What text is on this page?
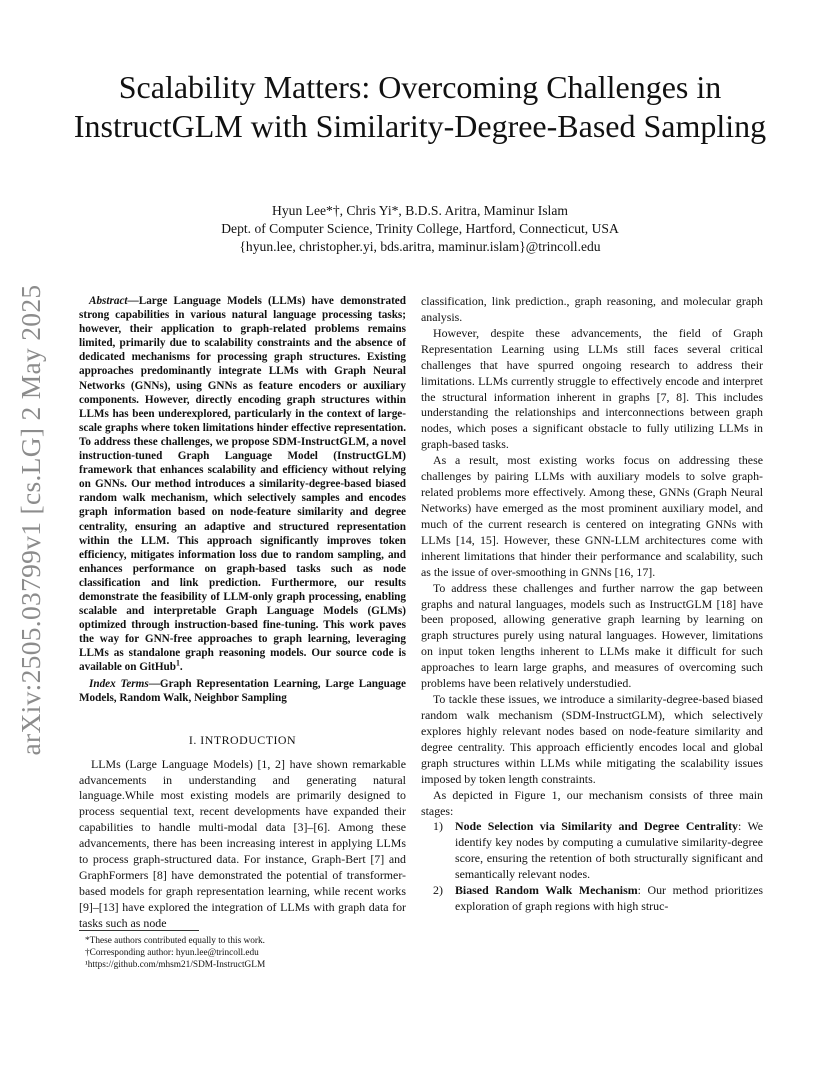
arXiv:2505.03799v1 [cs.LG] 2 May 2025
Scalability Matters: Overcoming Challenges in InstructGLM with Similarity-Degree-Based Sampling
Hyun Lee*†, Chris Yi*, B.D.S. Aritra, Maminur Islam
Dept. of Computer Science, Trinity College, Hartford, Connecticut, USA
{hyun.lee, christopher.yi, bds.aritra, maminur.islam}@trincoll.edu

Abstract—Large Language Models (LLMs) have demonstrated strong capabilities in various natural language processing tasks; however, their application to graph-related problems remains limited, primarily due to scalability constraints and the absence of dedicated mechanisms for processing graph structures. Existing approaches predominantly integrate LLMs with Graph Neural Networks (GNNs), using GNNs as feature encoders or auxiliary components. However, directly encoding graph structures within LLMs has been underexplored, particularly in the context of large-scale graphs where token limitations hinder effective representation. To address these challenges, we propose SDM-InstructGLM, a novel instruction-tuned Graph Language Model (InstructGLM) framework that enhances scalability and efficiency without relying on GNNs. Our method introduces a similarity-degree-based biased random walk mechanism, which selectively samples and encodes graph information based on node-feature similarity and degree centrality, ensuring an adaptive and structured representation within the LLM. This approach significantly improves token efficiency, mitigates information loss due to random sampling, and enhances performance on graph-based tasks such as node classification and link prediction. Furthermore, our results demonstrate the feasibility of LLM-only graph processing, enabling scalable and interpretable Graph Language Models (GLMs) optimized through instruction-based fine-tuning. This work paves the way for GNN-free approaches to graph learning, leveraging LLMs as standalone graph reasoning models. Our source code is available on GitHub$^1$.

Index Terms—Graph Representation Learning, Large Language Models, Random Walk, Neighbor Sampling

I. INTRODUCTION

LLMs (Large Language Models) [1, 2] have shown remarkable advancements in understanding and generating natural language.While most existing models are primarily designed to process sequential text, recent developments have expanded their capabilities to handle multi-modal data [3]–[6]. Among these advancements, there has been increasing interest in applying LLMs to process graph-structured data. For instance, Graph-Bert [7] and GraphFormers [8] have demonstrated the potential of transformer-based models for graph representation learning, while recent works [9]–[13] have explored the integration of LLMs with graph data for tasks such as node

classification, link prediction., graph reasoning, and molecular graph analysis.

However, despite these advancements, the field of Graph Representation Learning using LLMs still faces several critical challenges that have spurred ongoing research to address their limitations. LLMs currently struggle to effectively encode and interpret the structural information inherent in graphs [7, 8]. This includes understanding the relationships and interconnections between graph nodes, which poses a significant obstacle to fully utilizing LLMs in graph-based tasks.

As a result, most existing works focus on addressing these challenges by pairing LLMs with auxiliary models to solve graph-related problems more effectively. Among these, GNNs (Graph Neural Networks) have emerged as the most prominent auxiliary model, and much of the current research is centered on integrating GNNs with LLMs [14, 15]. However, these GNN-LLM architectures come with inherent limitations that hinder their performance and scalability, such as the issue of over-smoothing in GNNs [16, 17].

To address these challenges and further narrow the gap between graphs and natural languages, models such as InstructGLM [18] have been proposed, allowing generative graph learning by learning on graph structures purely using natural languages. However, limitations on input token lengths inherent to LLMs make it difficult for such approaches to learn large graphs, and measures of overcoming such problems have been relatively understudied.

To tackle these issues, we introduce a similarity-degree-based biased random walk mechanism (SDM-InstructGLM), which selectively explores highly relevant nodes based on node-feature similarity and degree centrality. This approach efficiently encodes local and global graph structures within LLMs while mitigating the scalability issues imposed by token length constraints.

As depicted in Figure 1, our mechanism consists of three main stages:

1) Node Selection via Similarity and Degree Centrality: We identify key nodes by computing a cumulative similarity-degree score, ensuring the retention of both structurally significant and semantically relevant nodes.
2) Biased Random Walk Mechanism: Our method prioritizes exploration of graph regions with high struc-
*These authors contributed equally to this work.
†Corresponding author: hyun.lee@trincoll.edu
¹https://github.com/mhsm21/SDM-InstructGLM
